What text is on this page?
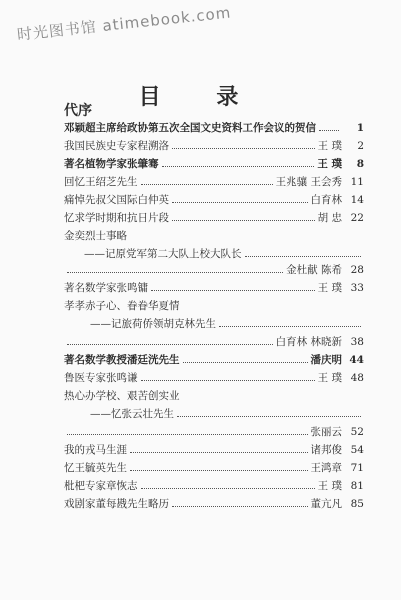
时光图书馆 atimebook.com
目 录
代序
邓颖超主席给政协第五次全国文史资料工作会议的贺信	1
我国民族史专家程溯洛	王 璞	2
著名植物学家张肇骞	王 璞	8
回忆王绍芝先生	王兆骧 王会秀 11
痛悼先叔父国际白仲英	白育林 14
忆求学时期和抗日片段	胡 忠 22
金奕烈士事略
——记原党军第二大队上校大队长
金杜献 陈希 28
著名数学家张鸣镛	王 璞 33
孝孝赤子心、眷眷华夏情
——记旅荷侨领胡克林先生
白育林 林晓新 38
著名数学教授潘廷洸先生	潘庆明 44
鲁医专家张鸣谦	王 璞 48
热心办学校、艰苦创实业
——忆张云壮先生
张丽云 52
我的戎马生涯	诸邦俊 54
忆王毓英先生	王鸿章 71
枇杷专家章恢志	王 璞 81
戏剧家董每戡先生略历	董亢凡 85
